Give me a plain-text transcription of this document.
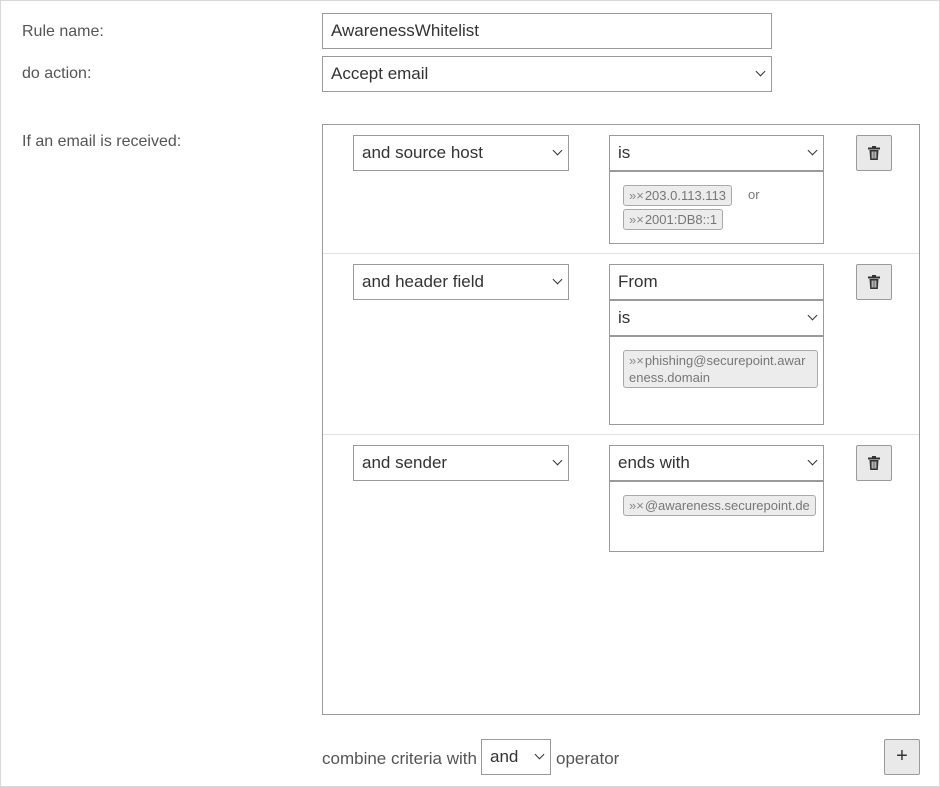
Rule name:	AwarenessWhitelist
do action:	Accept email
If an email is received:
and source host	is
»×203.0.113.113	or
»×2001:DB8::1
and header field	From
is
»×phishing@securepoint.awar
eness.domain
and sender	ends with
»×@awareness.securepoint.de
combine criteria with and	operator	+
